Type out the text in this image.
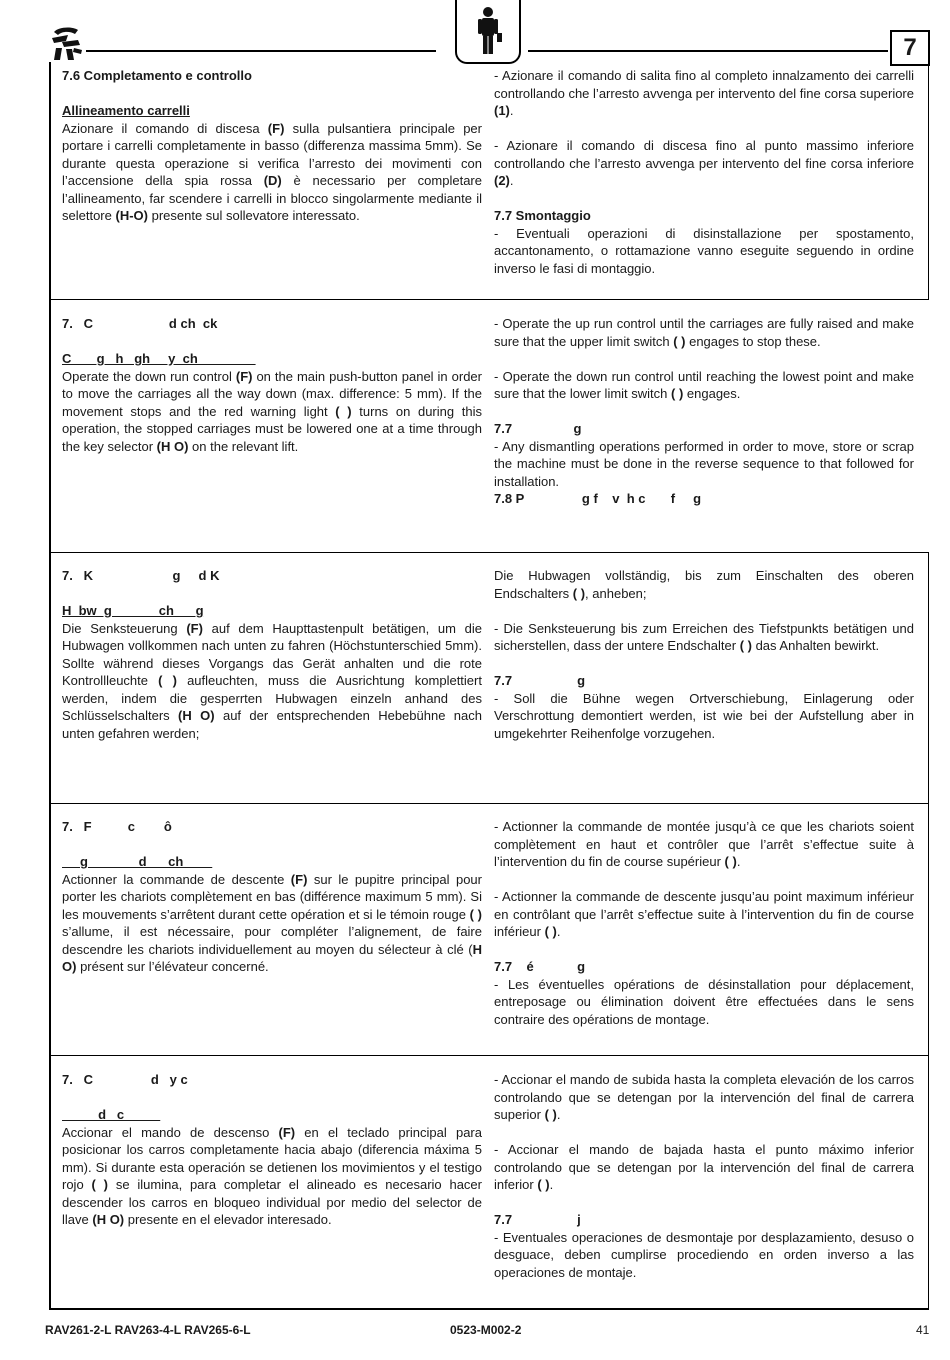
7

7.6 Completamento e controllo

Allineamento carrelli

Azionare il comando di discesa (F) sulla pulsantiera principale per portare i carrelli completamente in basso (differenza massima 5mm). Se durante questa operazione si verifica l’arresto dei movimenti con l’accensione della spia rossa (D) è necessario per completare l’allineamento, far scendere i carrelli in blocco singolarmente mediante il selettore (H-O) presente sul sollevatore interessato.

- Azionare il comando di salita fino al completo innalzamento dei carrelli controllando che l’arresto avvenga per intervento del fine corsa superiore (1).

- Azionare il comando di discesa fino al punto massimo inferiore controllando che l’arresto avvenga per intervento del fine corsa inferiore (2).

7.7 Smontaggio

- Eventuali operazioni di disinstallazione per spostamento, accantonamento, o rottamazione vanno eseguite seguendo in ordine inverso le fasi di montaggio.

7.   C                     d ch  ck

C       g   h   gh     y  ch

Operate the down run control (F) on the main push-button panel in order to move the carriages all the way down (max. difference: 5 mm). If the movement stops and the red warning light ( ) turns on during this operation, the stopped carriages must be lowered one at a time through the key selector (H O) on the relevant lift.

- Operate the up run control until the carriages are fully raised and make sure that the upper limit switch ( ) engages to stop these.

- Operate the down run control until reaching the lowest point and make sure that the lower limit switch ( ) engages.

7.7                 g

- Any dismantling operations performed in order to move, store or scrap the machine must be done in the reverse sequence to that followed for installation.

7.8 P                g f    v  h c       f     g

7.   K                      g     d K

H  bw  g             ch      g

Die Senksteuerung (F) auf dem Haupttastenpult betätigen, um die Hubwagen vollkommen nach unten zu fahren (Höchstunterschied 5mm). Sollte während dieses Vorgangs das Gerät anhalten und die rote Kontrollleuchte ( ) aufleuchten, muss die Ausrichtung komplettiert werden, indem die gesperrten Hubwagen einzeln anhand des Schlüsselschalters (H O) auf der entsprechenden Hebebühne nach unten gefahren werden;

Die Hubwagen vollständig, bis zum Einschalten des oberen Endschalters ( ), anheben;

- Die Senksteuerung bis zum Erreichen des Tiefstpunkts betätigen und sicherstellen, dass der untere Endschalter ( ) das Anhalten bewirkt.

7.7                  g

- Soll die Bühne wegen Ortverschiebung, Einlagerung oder Verschrottung demontiert werden, ist wie bei der Aufstellung aber in umgekehrter Reihenfolge vorzugehen.

7.   F          c        ô

g              d      ch

Actionner la commande de descente (F) sur le pupitre principal pour porter les chariots complètement en bas (différence maximum 5 mm). Si les mouvements s’arrêtent durant cette opération et si le témoin rouge ( ) s’allume, il est nécessaire, pour compléter l’alignement, de faire descendre les chariots individuellement au moyen du sélecteur à clé (H O) présent sur l’élévateur concerné.

- Actionner la commande de montée jusqu’à ce que les chariots soient complètement en haut et contrôler que l’arrêt s’effectue suite à l’intervention du fin de course supérieur ( ).

- Actionner la commande de descente jusqu’au point maximum inférieur en contrôlant que l’arrêt s’effectue suite à l’intervention du fin de course inférieur ( ).

7.7    é            g

- Les éventuelles opérations de désinstallation pour déplacement, entreposage ou élimination doivent être effectuées dans le sens contraire des opérations de montage.

7.   C                d   y c

d   c

Accionar el mando de descenso (F) en el teclado principal para posicionar los carros completamente hacia abajo (diferencia máxima 5 mm). Si durante esta operación se detienen los movimientos y el testigo rojo ( ) se ilumina, para completar el alineado es necesario hacer descender los carros en bloqueo individual por medio del selector de llave (H O) presente en el elevador interesado.

- Accionar el mando de subida hasta la completa elevación de los carros controlando que se detengan por la intervención del final de carrera superior ( ).

- Accionar el mando de bajada hasta el punto máximo inferior controlando que se detengan por la intervención del final de carrera inferior ( ).

7.7                  j

- Eventuales operaciones de desmontaje por desplazamiento, desuso o desguace, deben cumplirse procediendo en orden inverso a las operaciones de montaje.

RAV261-2-L RAV263-4-L RAV265-6-L	0523-M002-2	41
